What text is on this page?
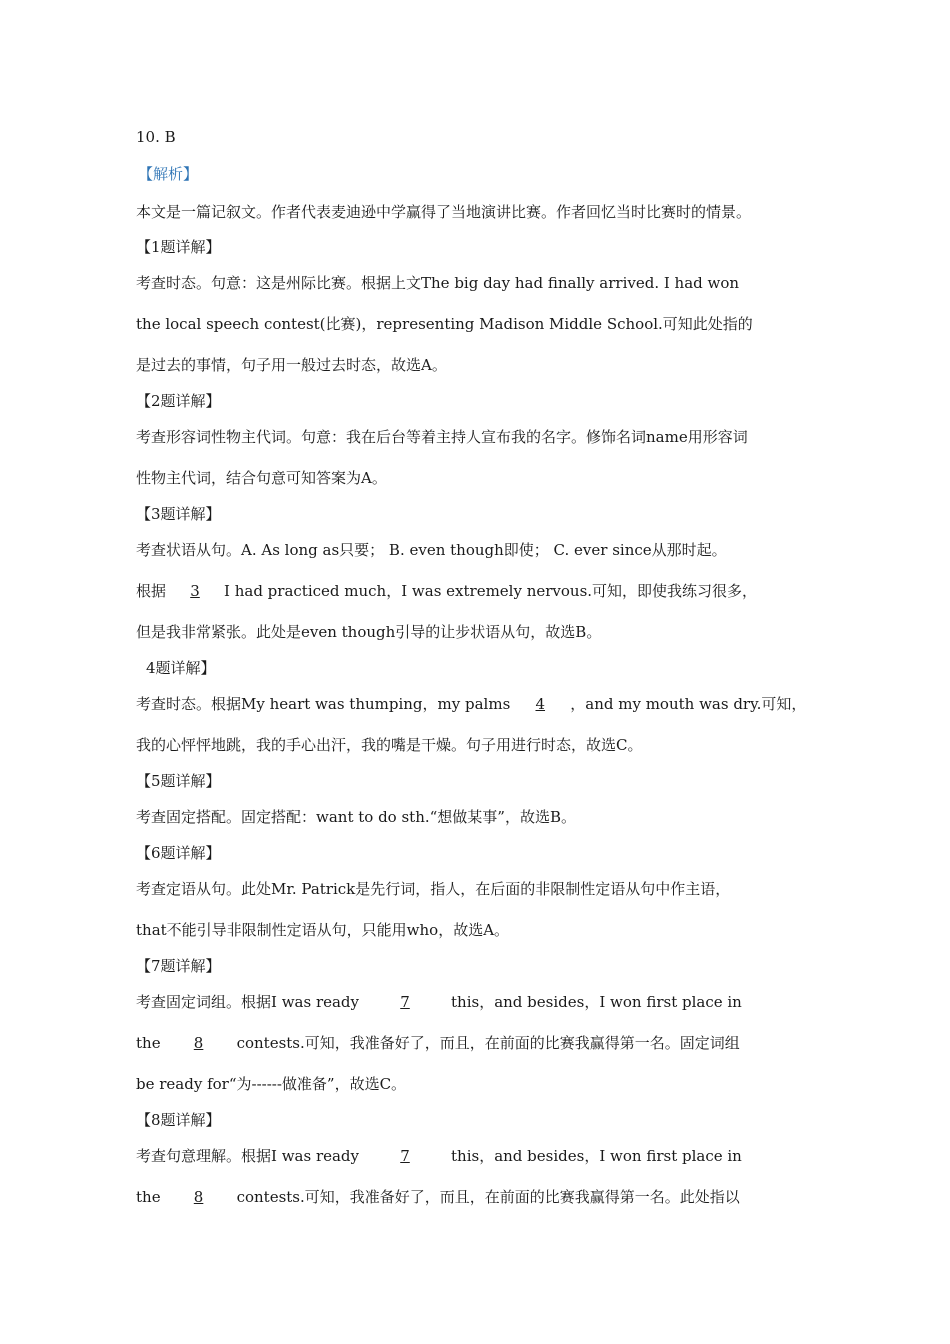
10. B
【解析】
本文是一篇记叙文。作者代表麦迪逊中学赢得了当地演讲比赛。作者回忆当时比赛时的情景。
【1题详解】
考查时态。句意：这是州际比赛。根据上文The big day had finally arrived. I had won
the local speech contest(比赛)，representing Madison Middle School.可知此处指的
是过去的事情，句子用一般过去时态，故选A。
【2题详解】
考查形容词性物主代词。句意：我在后台等着主持人宣布我的名字。修饰名词name用形容词
性物主代词，结合句意可知答案为A。
【3题详解】
考查状语从句。A. As long as只要； B. even though即使； C. ever since从那时起。
根据 3 I had practiced much，I was extremely nervous.可知，即使我练习很多，
但是我非常紧张。此处是even though引导的让步状语从句，故选B。
4题详解】
考查时态。根据My heart was thumping，my palms 4 ，and my mouth was dry.可知，
我的心怦怦地跳，我的手心出汗，我的嘴是干燥。句子用进行时态，故选C。
【5题详解】
考查固定搭配。固定搭配：want to do sth.“想做某事”，故选B。
【6题详解】
考查定语从句。此处Mr. Patrick是先行词，指人，在后面的非限制性定语从句中作主语，
that不能引导非限制性定语从句，只能用who，故选A。
【7题详解】
考查固定词组。根据I was ready	7	this，and besides，I won first place in
the 8 contests.可知，我准备好了，而且，在前面的比赛我赢得第一名。固定词组
be ready for“为------做准备”，故选C。
【8题详解】
考查句意理解。根据I was ready	7	this，and besides，I won first place in
the 8 contests.可知，我准备好了，而且，在前面的比赛我赢得第一名。此处指以
